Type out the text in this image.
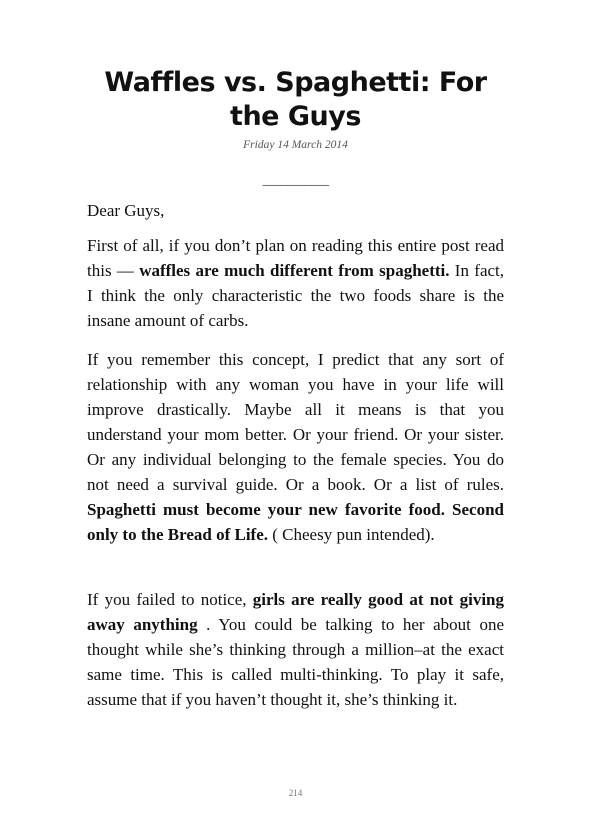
Waffles vs. Spaghetti: For the Guys
Friday 14 March 2014
___________

Dear Guys,

First of all, if you don’t plan on reading this entire post read this — waffles are much different from spaghetti. In fact, I think the only characteristic the two foods share is the insane amount of carbs.

If you remember this concept, I predict that any sort of relationship with any woman you have in your life will improve drastically. Maybe all it means is that you understand your mom better. Or your friend. Or your sister. Or any individual belonging to the female species. You do not need a survival guide. Or a book. Or a list of rules. Spaghetti must become your new favorite food. Second only to the Bread of Life. ( Cheesy pun intended).

If you failed to notice, girls are really good at not giving away anything . You could be talking to her about one thought while she’s thinking through a million–at the exact same time. This is called multi-thinking. To play it safe, assume that if you haven’t thought it, she’s thinking it.

214
